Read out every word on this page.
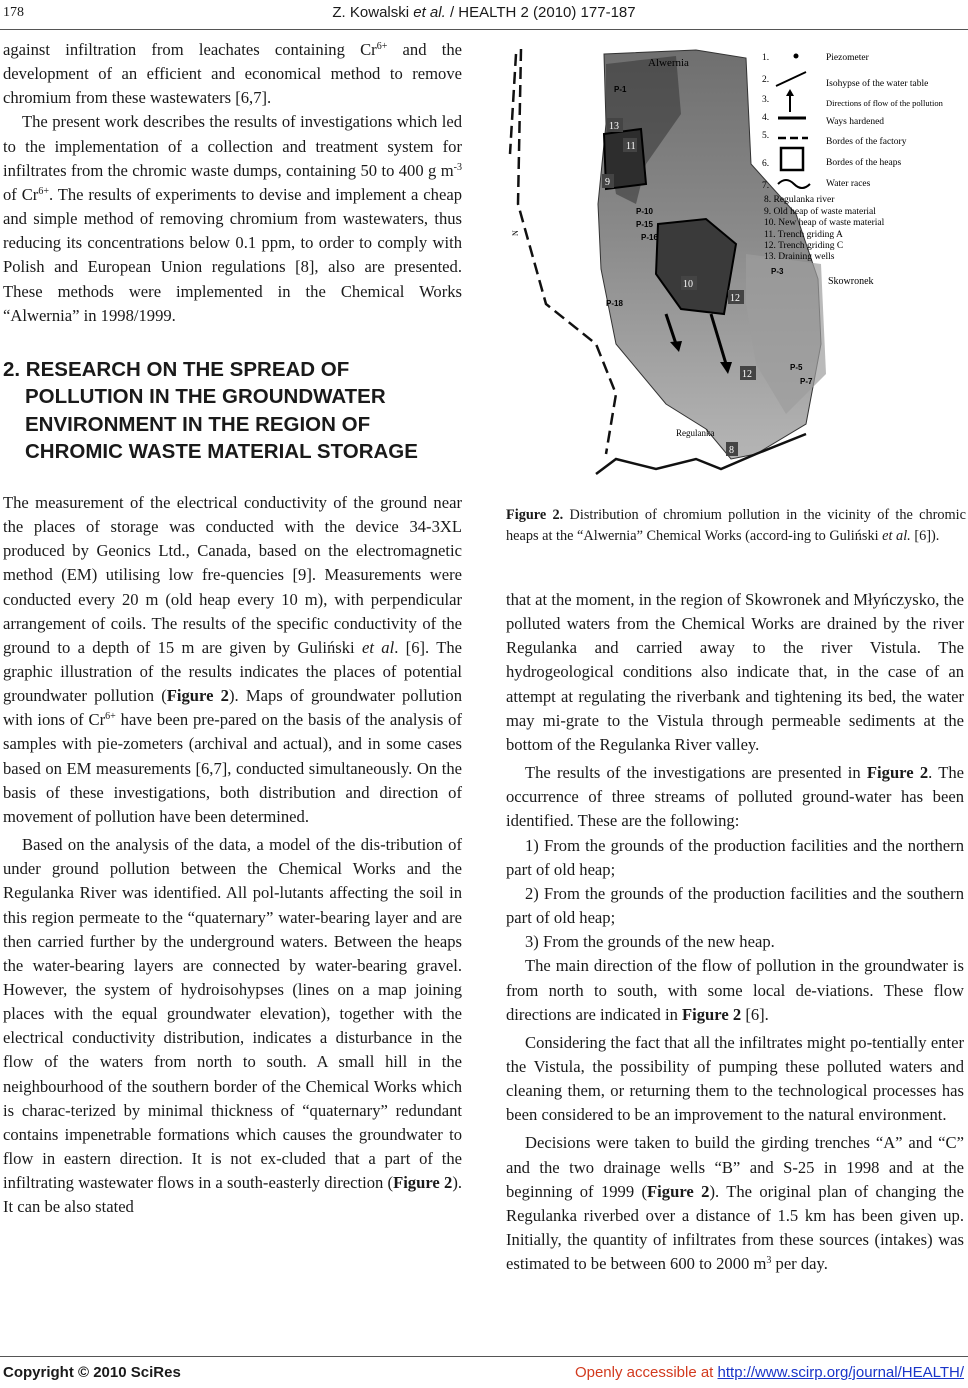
178	Z. Kowalski et al. / HEALTH 2 (2010) 177-187

against infiltration from leachates containing $Cr^{6+}$ and the development of an efficient and economical method to remove chromium from these wastewaters [6,7].

The present work describes the results of investigations which led to the implementation of a collection and treatment system for infiltrates from the chromic waste dumps, containing 50 to 400 g $m^{-3}$ of $Cr^{6+}$. The results of experiments to devise and implement a cheap and simple method of removing chromium from wastewaters, thus reducing its concentrations below 0.1 ppm, to order to comply with Polish and European Union regulations [8], also are presented. These methods were implemented in the Chemical Works “Alwernia” in 1998/1999.

2. RESEARCH ON THE SPREAD OF
POLLUTION IN THE GROUNDWATER
ENVIRONMENT IN THE REGION OF
CHROMIC WASTE MATERIAL STORAGE

The measurement of the electrical conductivity of the ground near the places of storage was conducted with the device 34-3XL produced by Geonics Ltd., Canada, based on the electromagnetic method (EM) utilising low fre-quencies [9]. Measurements were conducted every 20 m (old heap every 10 m), with perpendicular arrangement of coils. The results of the specific conductivity of the ground to a depth of 15 m are given by Guliński et al. [6]. The graphic illustration of the results indicates the places of potential groundwater pollution (Figure 2). Maps of groundwater pollution with ions of $Cr^{6+}$ have been pre-pared on the basis of the analysis of samples with pie-zometers (archival and actual), and in some cases based on EM measurements [6,7], conducted simultaneously. On the basis of these investigations, both distribution and direction of movement of pollution have been determined.

Based on the analysis of the data, a model of the dis-tribution of under ground pollution between the Chemical Works and the Regulanka River was identified. All pol-lutants affecting the soil in this region permeate to the “quaternary” water-bearing layer and are then carried further by the underground waters. Between the heaps the water-bearing layers are connected by water-bearing gravel. However, the system of hydroisohypses (lines on a map joining places with the equal groundwater elevation), together with the electrical conductivity distribution, indicates a disturbance in the flow of the waters from north to south. A small hill in the neighbourhood of the southern border of the Chemical Works which is charac-terized by minimal thickness of “quaternary” redundant contains impenetrable formations which causes the groundwater to flow in eastern direction. It is not ex-cluded that a part of the infiltrating wastewater flows in a south-easterly direction (Figure 2). It can be also stated

Alwernia
Skowronek
Regulanka
N
13
11
9
10
12
12
8
P-1
P-10
P-15
P-16
P-18
P-3
P-5
P-7
1.	Piezometer
2.	Isohypse of the water table
3.	Directions of flow of the pollution
4.	Ways hardened
5.
Bordes of the factory
6.	Bordes of the heaps
7.	Water races
8. Regulanka river
9. Old heap of waste material
10. New heap of waste material
11. Trench griding A
12. Trench griding C
13. Draining wells
Figure 2. Distribution of chromium pollution in the vicinity of the chromic heaps at the “Alwernia” Chemical Works (accord-ing to Guliński et al. [6]).

that at the moment, in the region of Skowronek and Młyńczysko, the polluted waters from the Chemical Works are drained by the river Regulanka and carried away to the river Vistula. The hydrogeological conditions also indicate that, in the case of an attempt at regulating the riverbank and tightening its bed, the water may mi-grate to the Vistula through permeable sediments at the bottom of the Regulanka River valley.

The results of the investigations are presented in Figure 2. The occurrence of three streams of polluted ground-water has been identified. These are the following:

1) From the grounds of the production facilities and the northern part of old heap;

2) From the grounds of the production facilities and the southern part of old heap;

3) From the grounds of the new heap.

The main direction of the flow of pollution in the groundwater is from north to south, with some local de-viations. These flow directions are indicated in Figure 2 [6].

Considering the fact that all the infiltrates might po-tentially enter the Vistula, the possibility of pumping these polluted waters and cleaning them, or returning them to the technological processes has been considered to be an improvement to the natural environment.

Decisions were taken to build the girding trenches “A” and “C” and the two drainage wells “B” and S-25 in 1998 and at the beginning of 1999 (Figure 2). The original plan of changing the Regulanka riverbed over a distance of 1.5 km has been given up. Initially, the quantity of infiltrates from these sources (intakes) was estimated to be between 600 to 2000 $m^3$ per day.

Copyright © 2010 SciRes	Openly accessible at http://www.scirp.org/journal/HEALTH/
